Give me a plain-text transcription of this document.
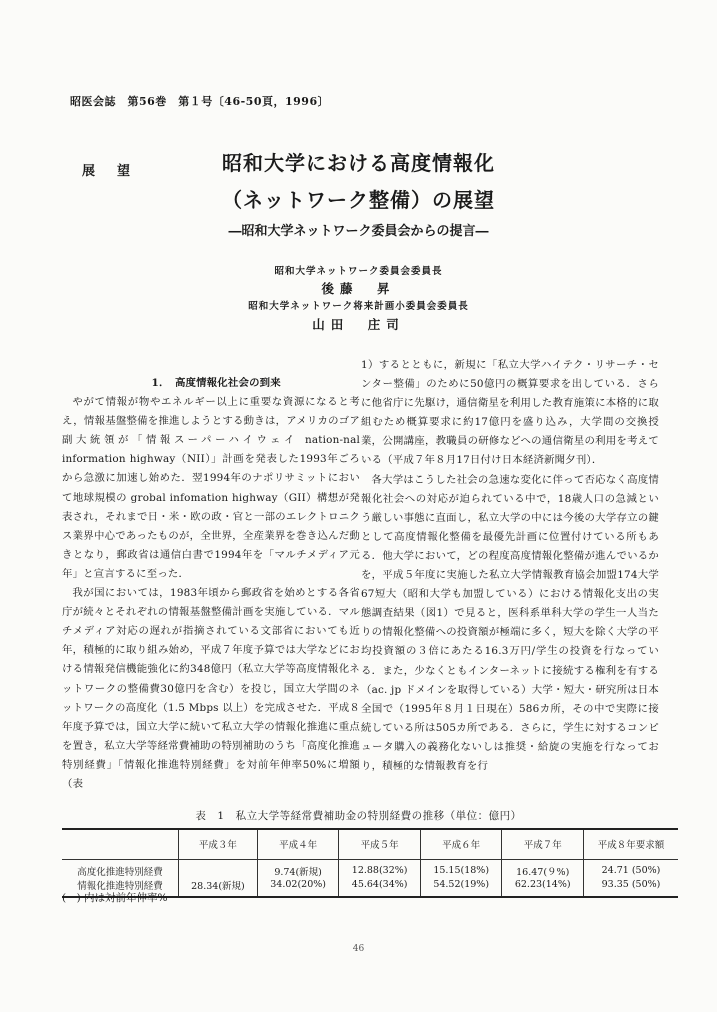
昭医会誌　第56巻　第１号〔46-50頁，1996〕
展望	昭和大学における高度情報化
（ネットワーク整備）の展望
―昭和大学ネットワーク委員会からの提言―
昭和大学ネットワーク委員会委員長
後藤　昇
昭和大学ネットワーク将来計画小委員会委員長
山田　庄司

1．　高度情報化社会の到来

やがて情報が物やエネルギー以上に重要な資源になると考え，情報基盤整備を推進しようとする動きは，アメリカのゴア副大統領が「情報スーパーハイウェイ nation-nal information highway（NII）」計画を発表した1993年ごろから急激に加速し始めた．翌1994年のナポリサミットにおいて地球規模の grobal infomation highway（GII）構想が発表され，それまで日・米・欧の政・官と一部のエレクトロニクス業界中心であったものが，全世界，全産業界を巻き込んだ動きとなり，郵政省は通信白書で1994年を「マルチメディア元年」と宣言するに至った．

我が国においては，1983年頃から郵政省を始めとする各省庁が続々とそれぞれの情報基盤整備計画を実施している．マルチメディア対応の遅れが指摘されている文部省においても近年，積極的に取り組み始め，平成７年度予算では大学などにおける情報発信機能強化に約348億円（私立大学等高度情報化ネットワークの整備費30億円を含む）を投じ，国立大学間のネットワークの高度化（1.5 Mbps 以上）を完成させた．平成８年度予算では，国立大学に続いて私立大学の情報化推進に重点を置き，私立大学等経常費補助の特別補助のうち「高度化推進特別経費」「情報化推進特別経費」を対前年伸率50%に増額（表

1）するとともに，新規に「私立大学ハイテク・リサーチ・センター整備」のために50億円の概算要求を出している．さらに他省庁に先駆け，通信衛星を利用した教育施策に本格的に取組むため概算要求に約17億円を盛り込み，大学間の交換授業，公開講座，教職員の研修などへの通信衛星の利用を考えている（平成７年８月17日付け日本経済新聞夕刊）．

各大学はこうした社会の急速な変化に伴って否応なく高度情報化社会への対応が迫られている中で，18歳人口の急減という厳しい事態に直面し，私立大学の中には今後の大学存立の鍵として高度情報化整備を最優先計画に位置付けている所もある．他大学において，どの程度高度情報化整備が進んでいるかを，平成５年度に実施した私立大学情報教育協会加盟174大学67短大（昭和大学も加盟している）における情報化支出の実態調査結果（図1）で見ると，医科系単科大学の学生一人当たりの情報化整備への投資額が極端に多く，短大を除く大学の平均投資額の３倍にあたる16.3万円/学生の投資を行なっている．また，少なくともインターネットに接続する権利を有する（ac. jp ドメインを取得している）大学・短大・研究所は日本全国で（1995年８月１日現在）586カ所，その中で実際に接続している所は505カ所である．さらに，学生に対するコンピュータ購入の義務化ないしは推奨・給旋の実施を行なっており，積極的な情報教育を行

表　1　私立大学等経常費補助金の特別経費の推移（単位：億円）
	平成３年	平成４年	平成５年	平成６年	平成７年	平成８年要求額
高度化推進特別経費		9.74(新規)	12.88(32%)	15.15(18%)	16.47(９%)	24.71 (50%)
情報化推進特別経費	28.34(新規)	34.02(20%)	45.64(34%)	54.52(19%)	62.23(14%)	93.35 (50%)
(　) 内は対前年伸率%
46
